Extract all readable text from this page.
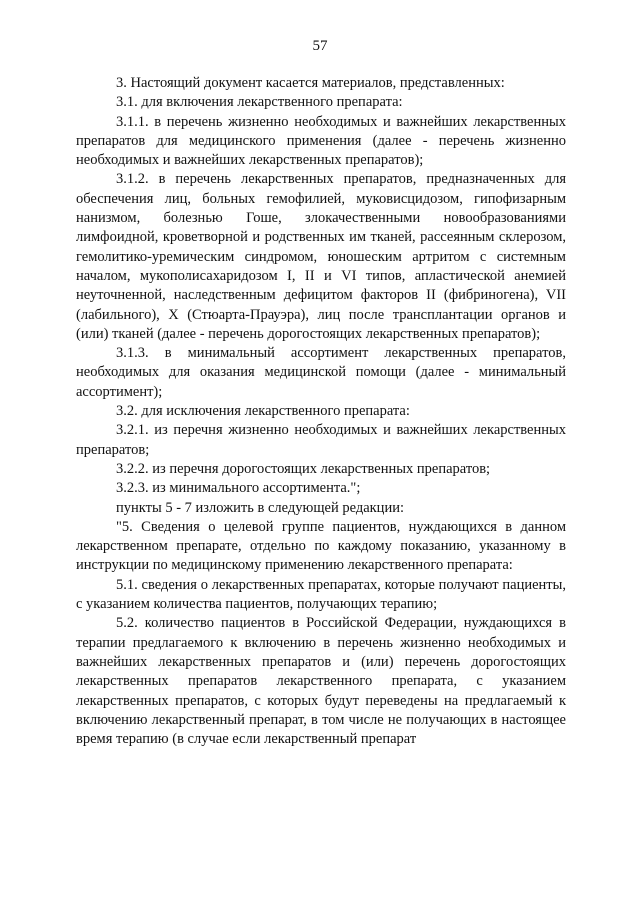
57

3. Настоящий документ касается материалов, представленных:

3.1. для включения лекарственного препарата:

3.1.1. в перечень жизненно необходимых и важнейших лекарственных препаратов для медицинского применения (далее - перечень жизненно необходимых и важнейших лекарственных препаратов);

3.1.2. в перечень лекарственных препаратов, предназначенных для обеспечения лиц, больных гемофилией, муковисцидозом, гипофизарным нанизмом, болезнью Гоше, злокачественными новообразованиями лимфоидной, кроветворной и родственных им тканей, рассеянным склерозом, гемолитико-уремическим синдромом, юношеским артритом с системным началом, мукополисахаридозом I, II и VI типов, апластической анемией неуточненной, наследственным дефицитом факторов II (фибриногена), VII (лабильного), X (Стюарта-Прауэра), лиц после трансплантации органов и (или) тканей (далее - перечень дорогостоящих лекарственных препаратов);

3.1.3. в минимальный ассортимент лекарственных препаратов, необходимых для оказания медицинской помощи (далее - минимальный ассортимент);

3.2. для исключения лекарственного препарата:

3.2.1. из перечня жизненно необходимых и важнейших лекарственных препаратов;

3.2.2. из перечня дорогостоящих лекарственных препаратов;

3.2.3. из минимального ассортимента.";

пункты 5 - 7 изложить в следующей редакции:

"5. Сведения о целевой группе пациентов, нуждающихся в данном лекарственном препарате, отдельно по каждому показанию, указанному в инструкции по медицинскому применению лекарственного препарата:

5.1. сведения о лекарственных препаратах, которые получают пациенты, с указанием количества пациентов, получающих терапию;

5.2. количество пациентов в Российской Федерации, нуждающихся в терапии предлагаемого к включению в перечень жизненно необходимых и важнейших лекарственных препаратов и (или) перечень дорогостоящих лекарственных препаратов лекарственного препарата, с указанием лекарственных препаратов, с которых будут переведены на предлагаемый к включению лекарственный препарат, в том числе не получающих в настоящее время терапию (в случае если лекарственный препарат
